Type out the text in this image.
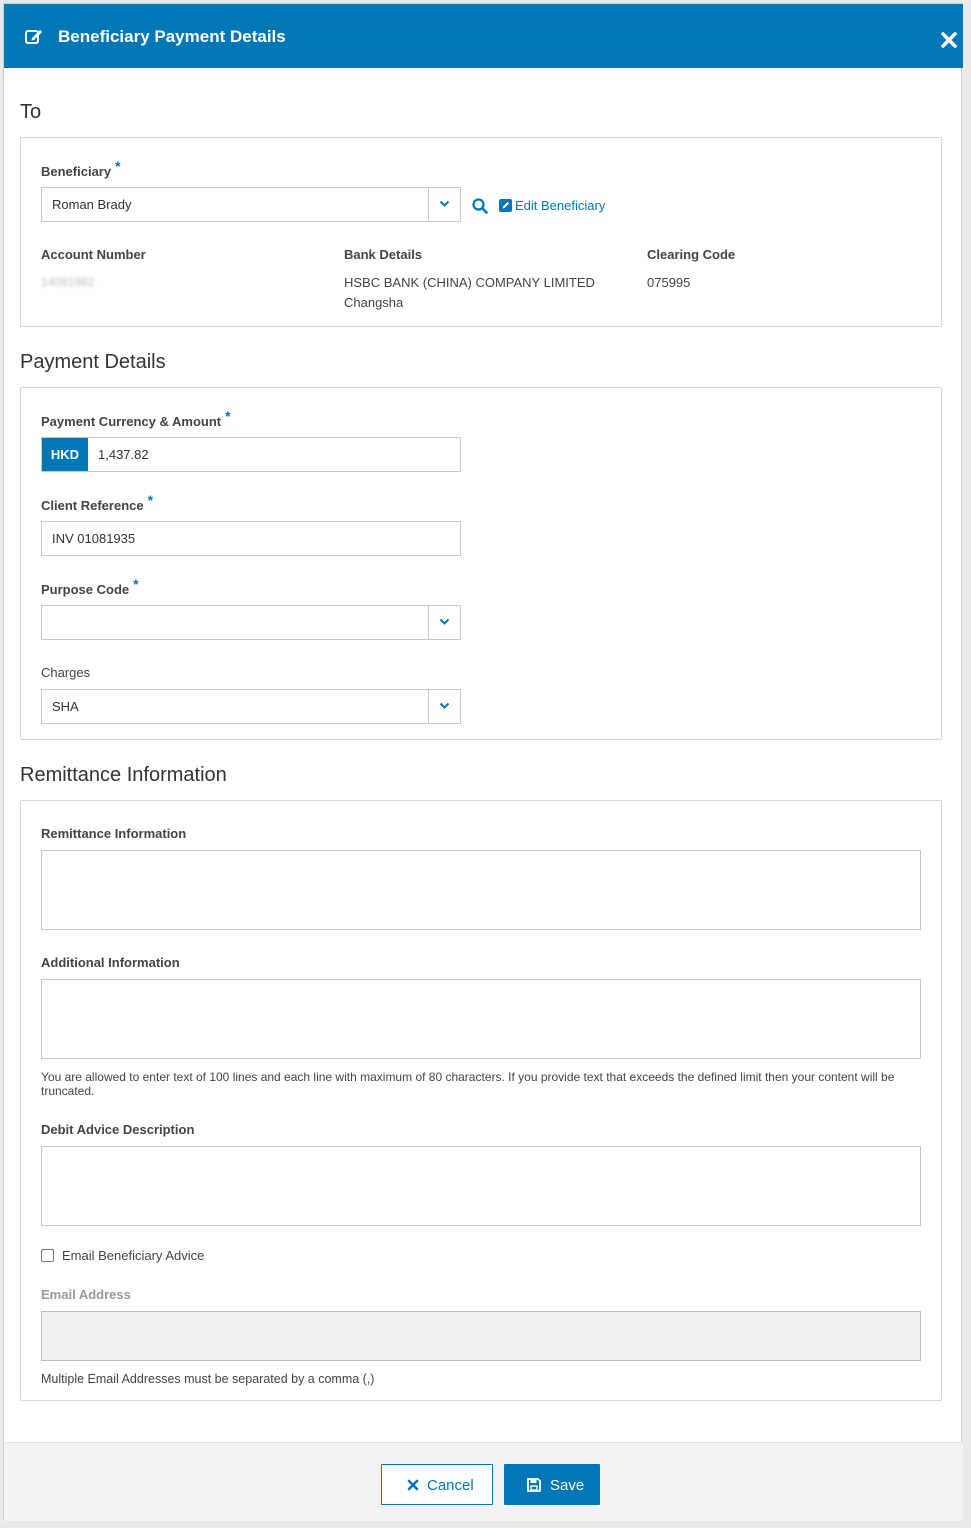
Beneficiary Payment Details
To
Beneficiary *
Roman Brady	Edit Beneficiary
Account Number
14081982
Bank Details
HSBC BANK (CHINA) COMPANY LIMITED
Changsha
Clearing Code
075995
Payment Details
Payment Currency & Amount *
HKD	1,437.82
Client Reference *
INV 01081935
Purpose Code *
Charges
SHA
Remittance Information
Remittance Information
Additional Information
You are allowed to enter text of 100 lines and each line with maximum of 80 characters. If you provide text that exceeds the defined limit then your content will be truncated.
Debit Advice Description
Email Beneficiary Advice
Email Address
Multiple Email Addresses must be separated by a comma (,)
Cancel	Save
